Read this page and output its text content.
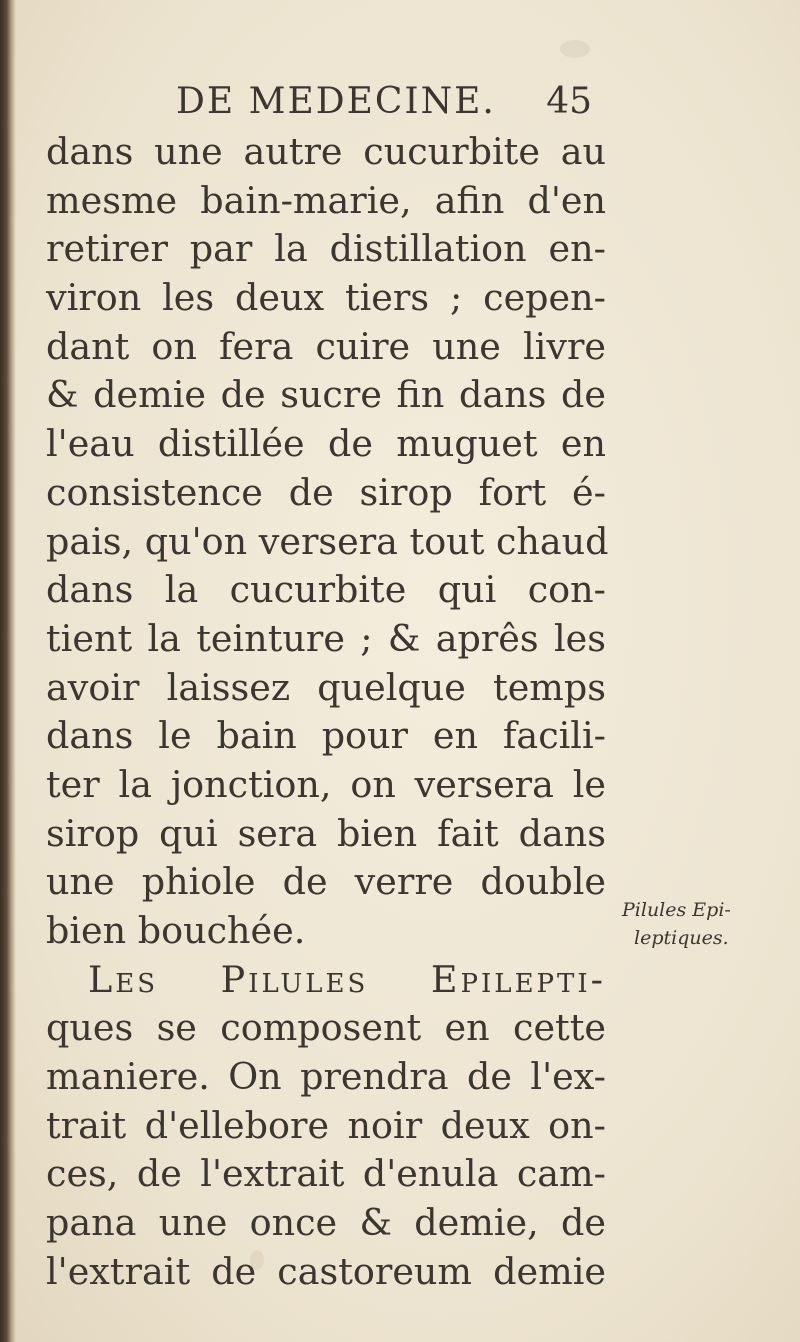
DE MEDECINE. 45
dans une autre cucurbite au
mesme bain-marie, afin d'en
retirer par la distillation en-
viron les deux tiers ; cepen-
dant on fera cuire une livre
& demie de sucre fin dans de
l'eau distillée de muguet en
consistence de sirop fort é-
pais, qu'on versera tout chaud
dans la cucurbite qui con-
tient la teinture ; & aprês les
avoir laissez quelque temps
dans le bain pour en facili-
ter la jonction, on versera le
sirop qui sera bien fait dans
une phiole de verre double
bien bouchée.
Les Pilules Epilepti-
ques se composent en cette
maniere. On prendra de l'ex-
trait d'ellebore noir deux on-
ces, de l'extrait d'enula cam-
pana une once & demie, de
l'extrait de castoreum demie
Pilules Epi-
leptiques.
